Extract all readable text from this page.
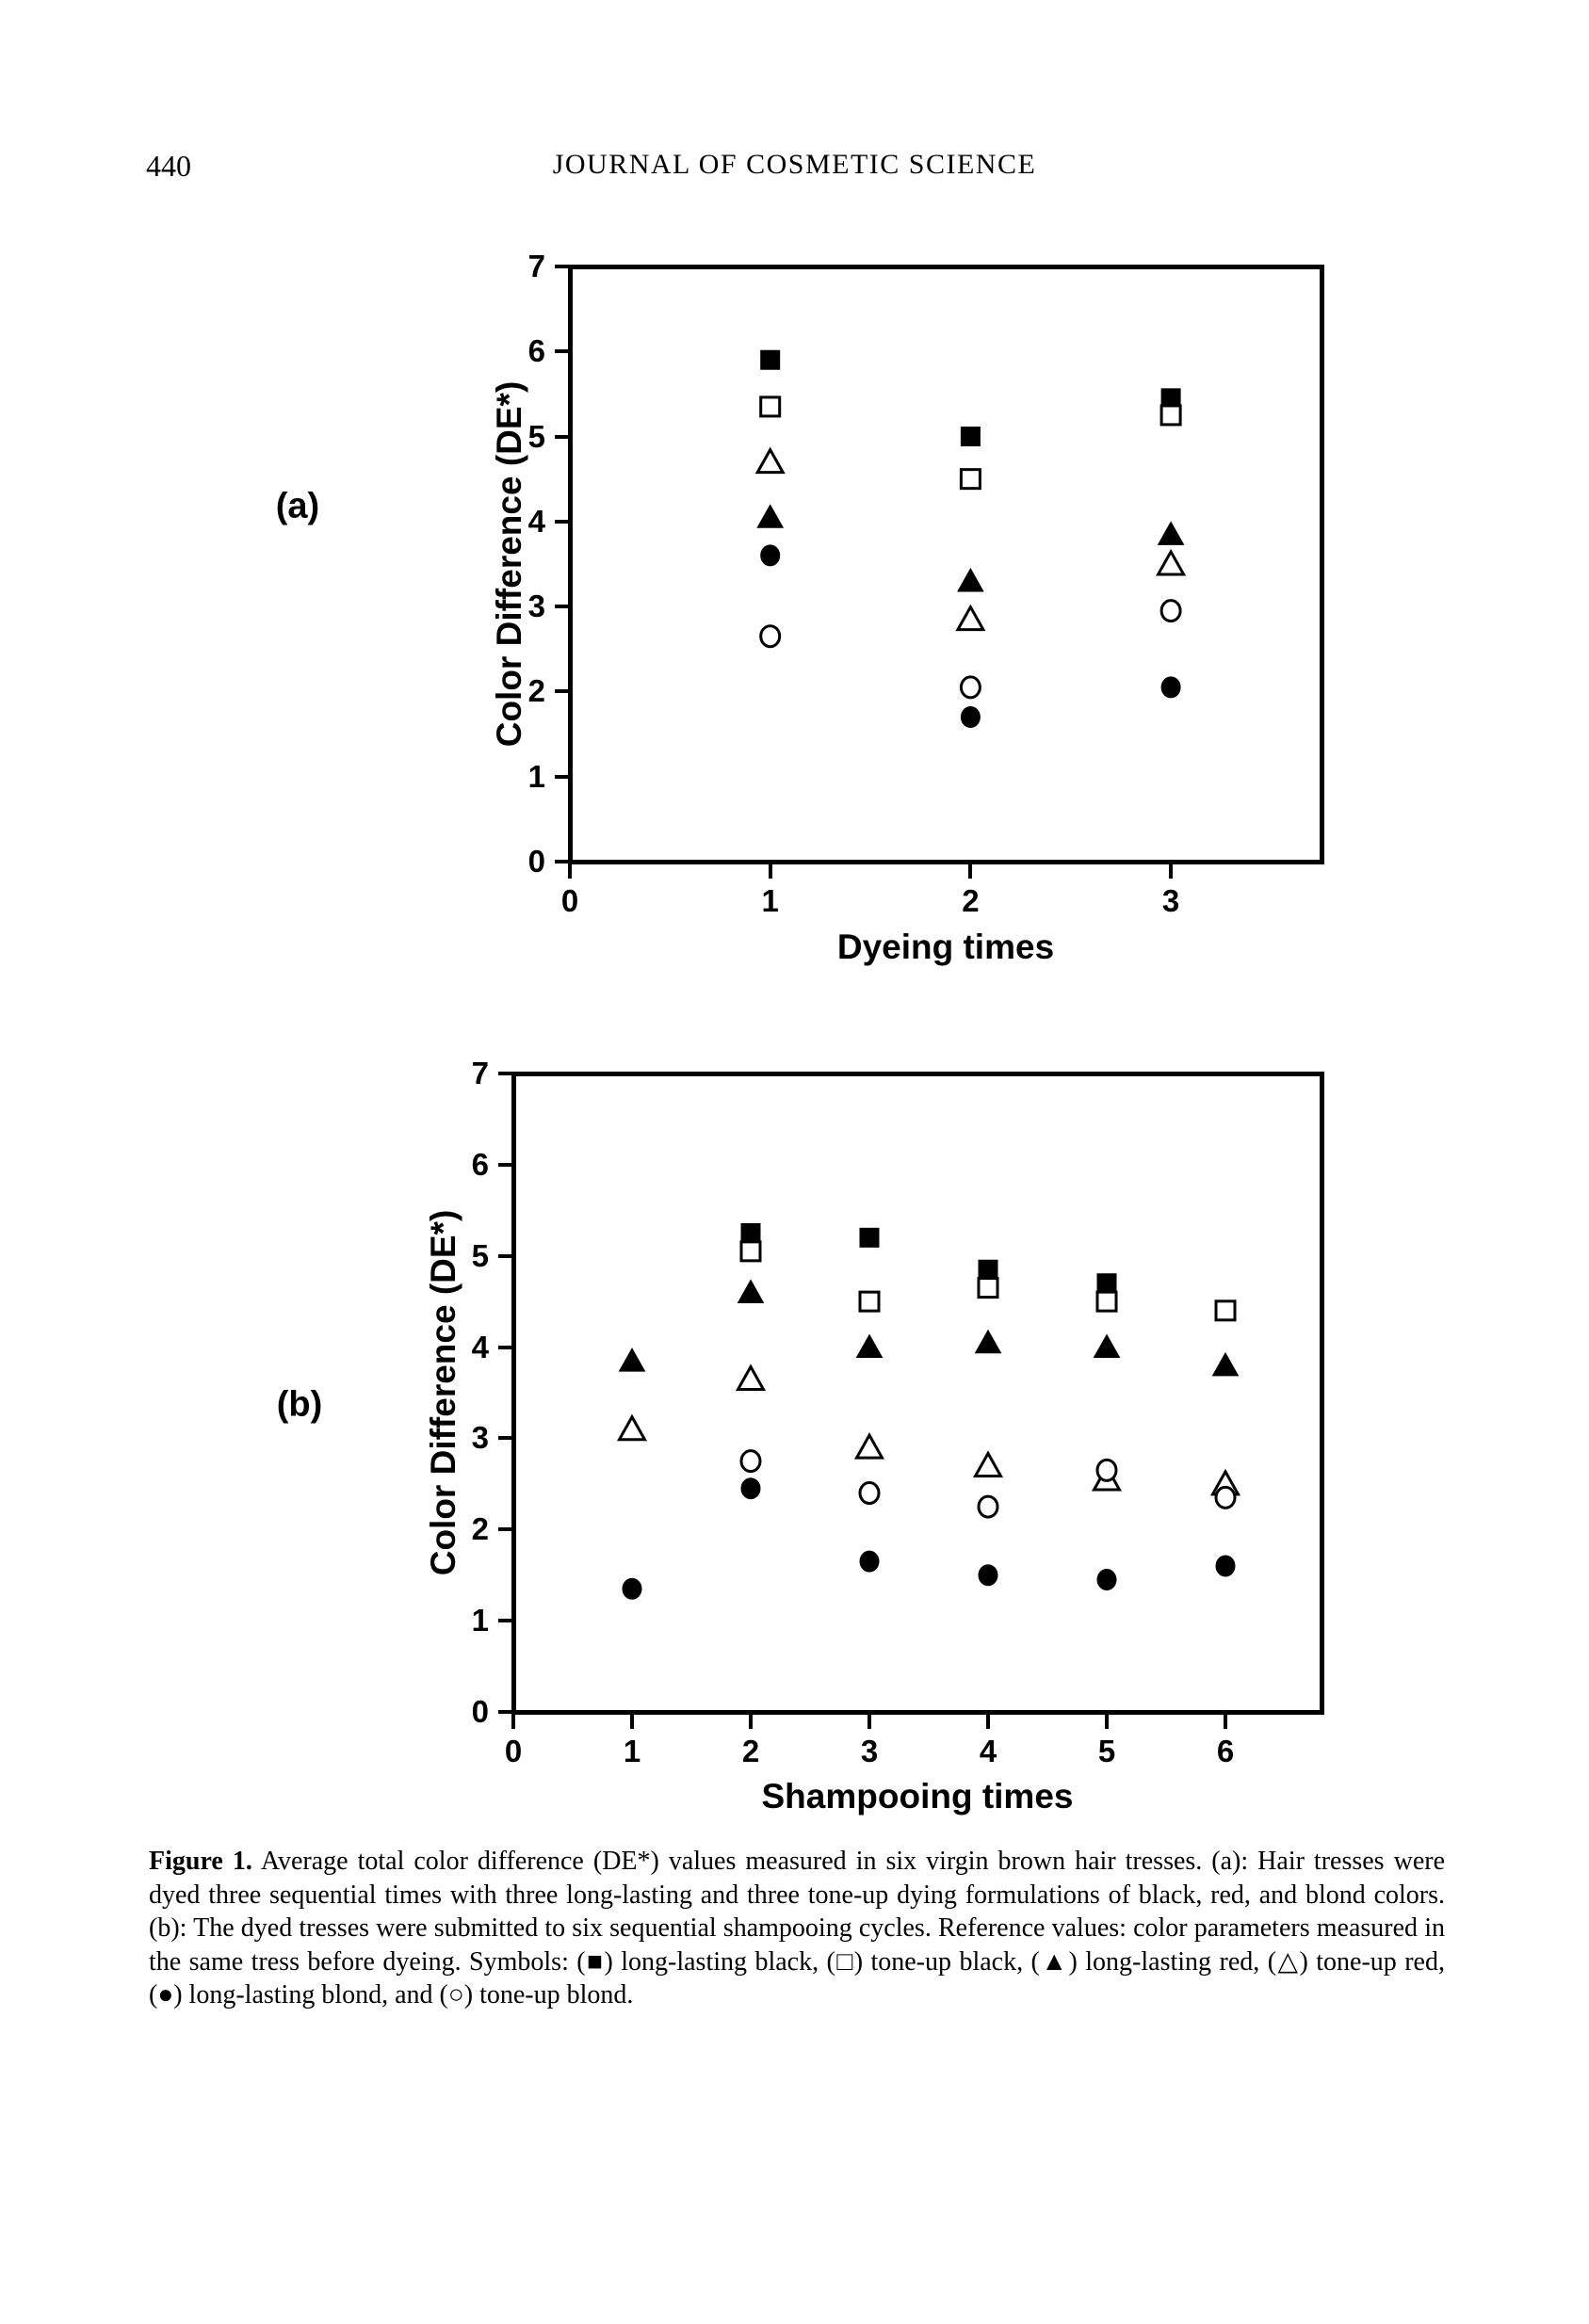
440	JOURNAL OF COSMETIC SCIENCE
(a)
(b)
Color Difference (DE*)
Color Difference (DE*)
Dyeing times
Shampooing times
0
1
2
3
4
5
6
7
0	1	2	3
0
1
2
3
4
5
6
7
0	1	2	3	4	5	6
Figure 1. Average total color difference (DE*) values measured in six virgin brown hair tresses. (a): Hair tresses were dyed three sequential times with three long-lasting and three tone-up dying formulations of black, red, and blond colors. (b): The dyed tresses were submitted to six sequential shampooing cycles. Reference values: color parameters measured in the same tress before dyeing. Symbols: (■) long-lasting black, (□) tone-up black, (▲) long-lasting red, (△) tone-up red, (●) long-lasting blond, and (○) tone-up blond.
